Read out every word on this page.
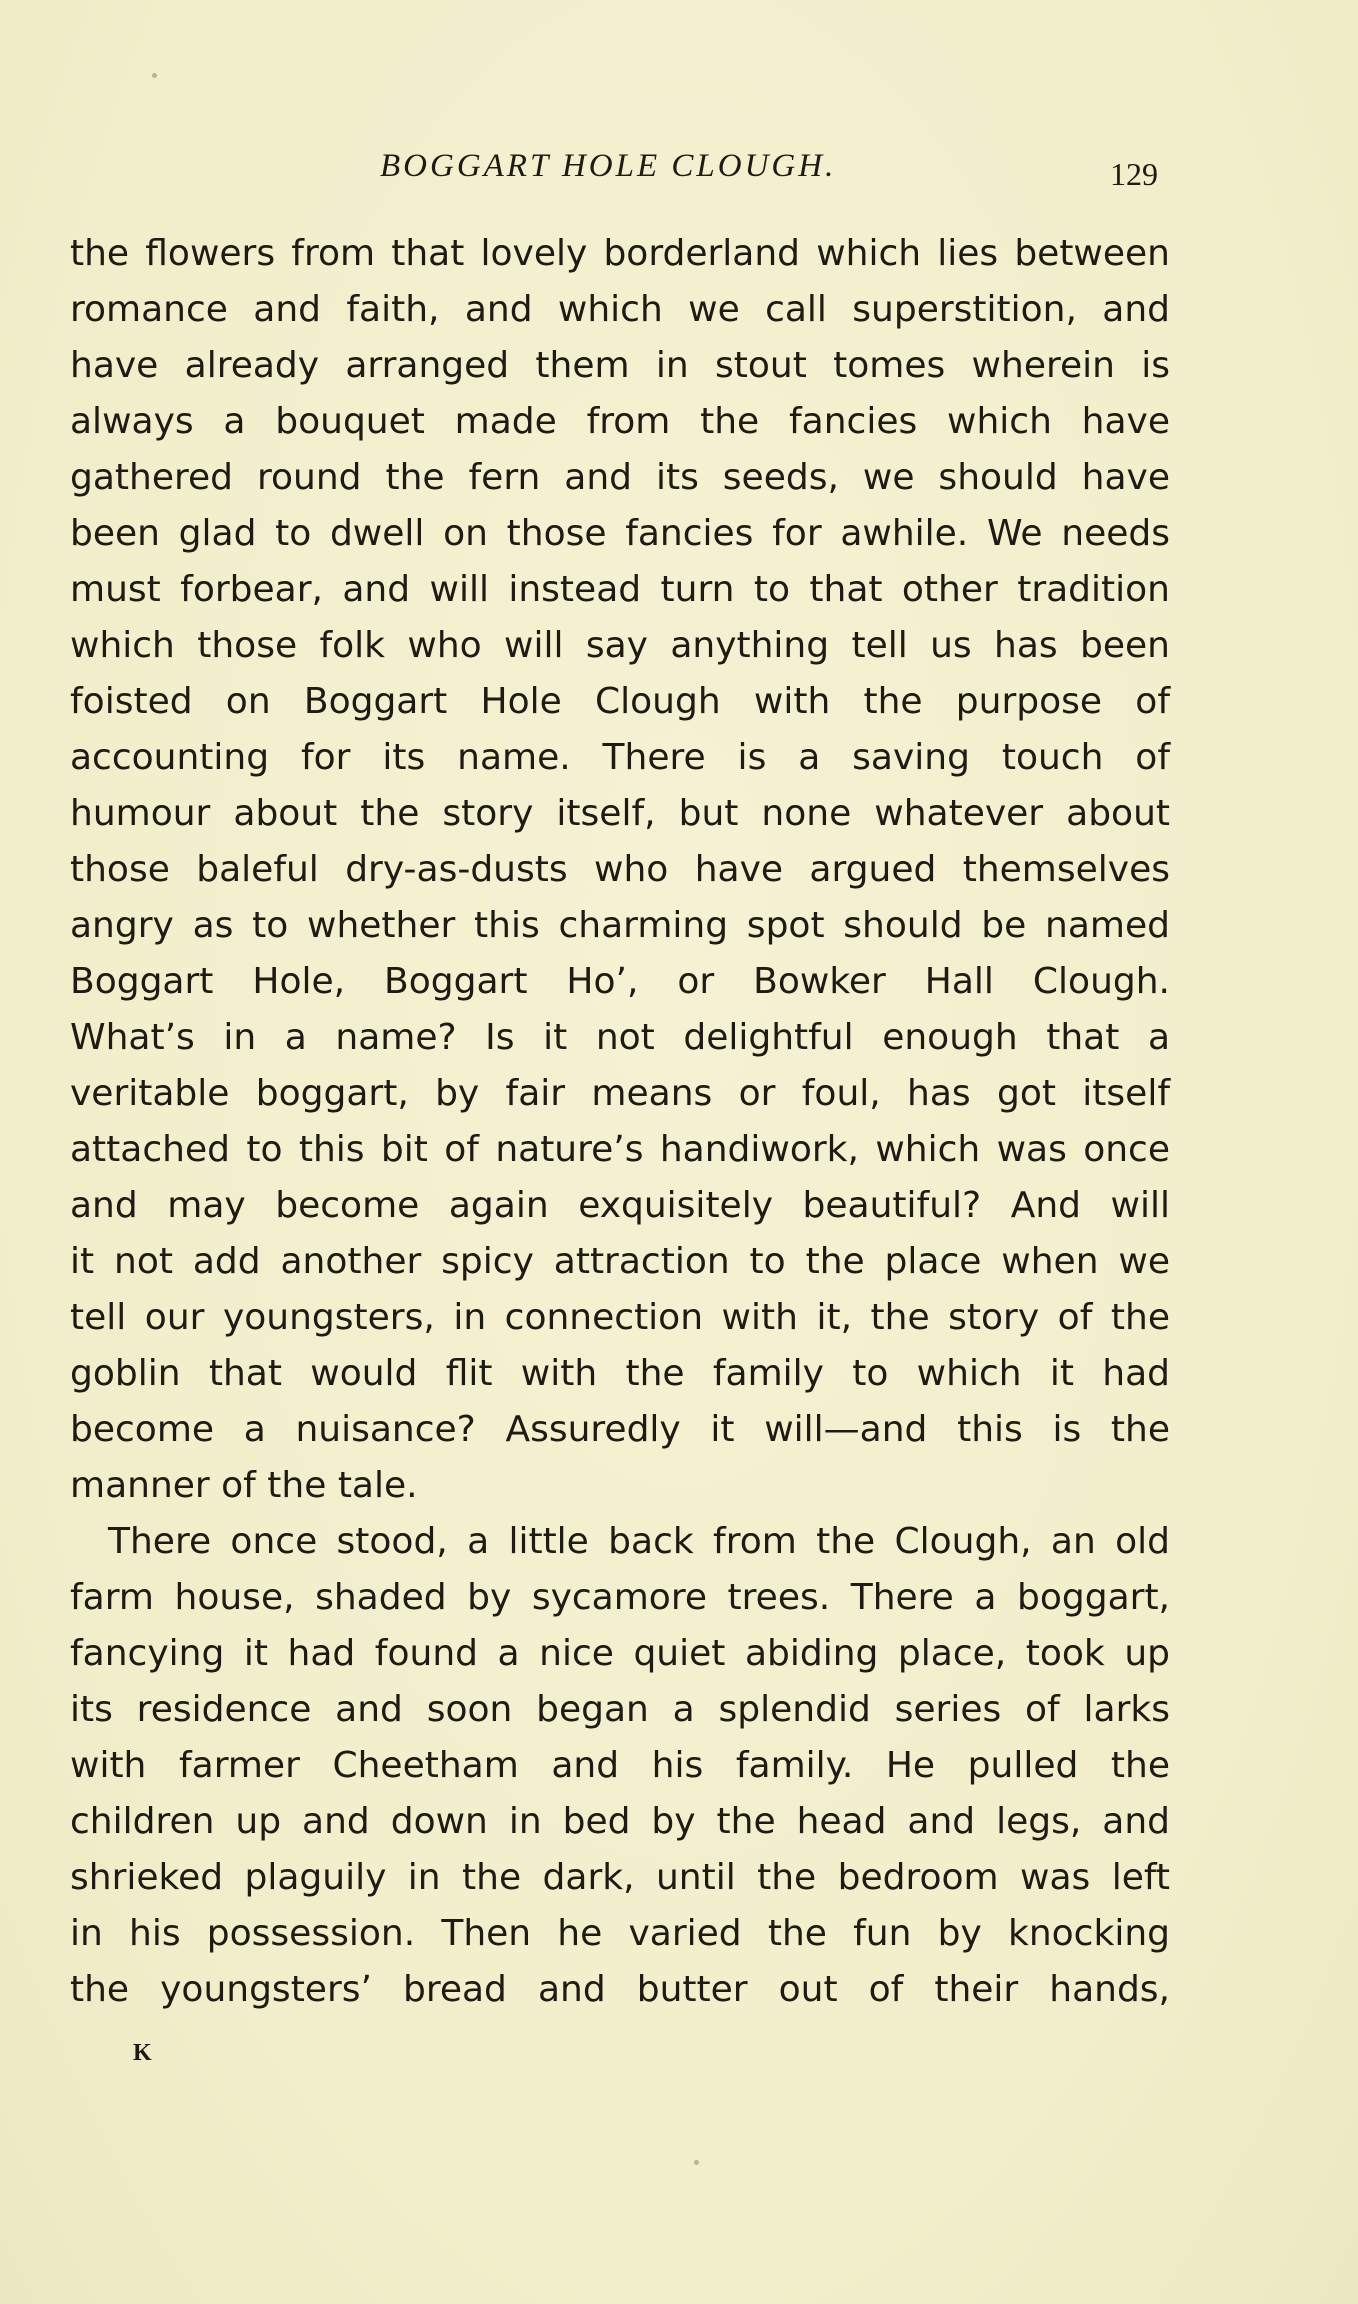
BOGGART HOLE CLOUGH.	129
the flowers from that lovely borderland which lies between
romance and faith, and which we call superstition, and
have already arranged them in stout tomes wherein is
always a bouquet made from the fancies which have
gathered round the fern and its seeds, we should have
been glad to dwell on those fancies for awhile. We needs
must forbear, and will instead turn to that other tradition
which those folk who will say anything tell us has been
foisted on Boggart Hole Clough with the purpose of
accounting for its name. There is a saving touch of
humour about the story itself, but none whatever about
those baleful dry-as-dusts who have argued themselves
angry as to whether this charming spot should be named
Boggart Hole, Boggart Ho’, or Bowker Hall Clough.
What’s in a name? Is it not delightful enough that a
veritable boggart, by fair means or foul, has got itself
attached to this bit of nature’s handiwork, which was once
and may become again exquisitely beautiful? And will
it not add another spicy attraction to the place when we
tell our youngsters, in connection with it, the story of the
goblin that would flit with the family to which it had
become a nuisance? Assuredly it will—and this is the
manner of the tale.
There once stood, a little back from the Clough, an old
farm house, shaded by sycamore trees. There a boggart,
fancying it had found a nice quiet abiding place, took up
its residence and soon began a splendid series of larks
with farmer Cheetham and his family. He pulled the
children up and down in bed by the head and legs, and
shrieked plaguily in the dark, until the bedroom was left
in his possession. Then he varied the fun by knocking
the youngsters’ bread and butter out of their hands,
K
